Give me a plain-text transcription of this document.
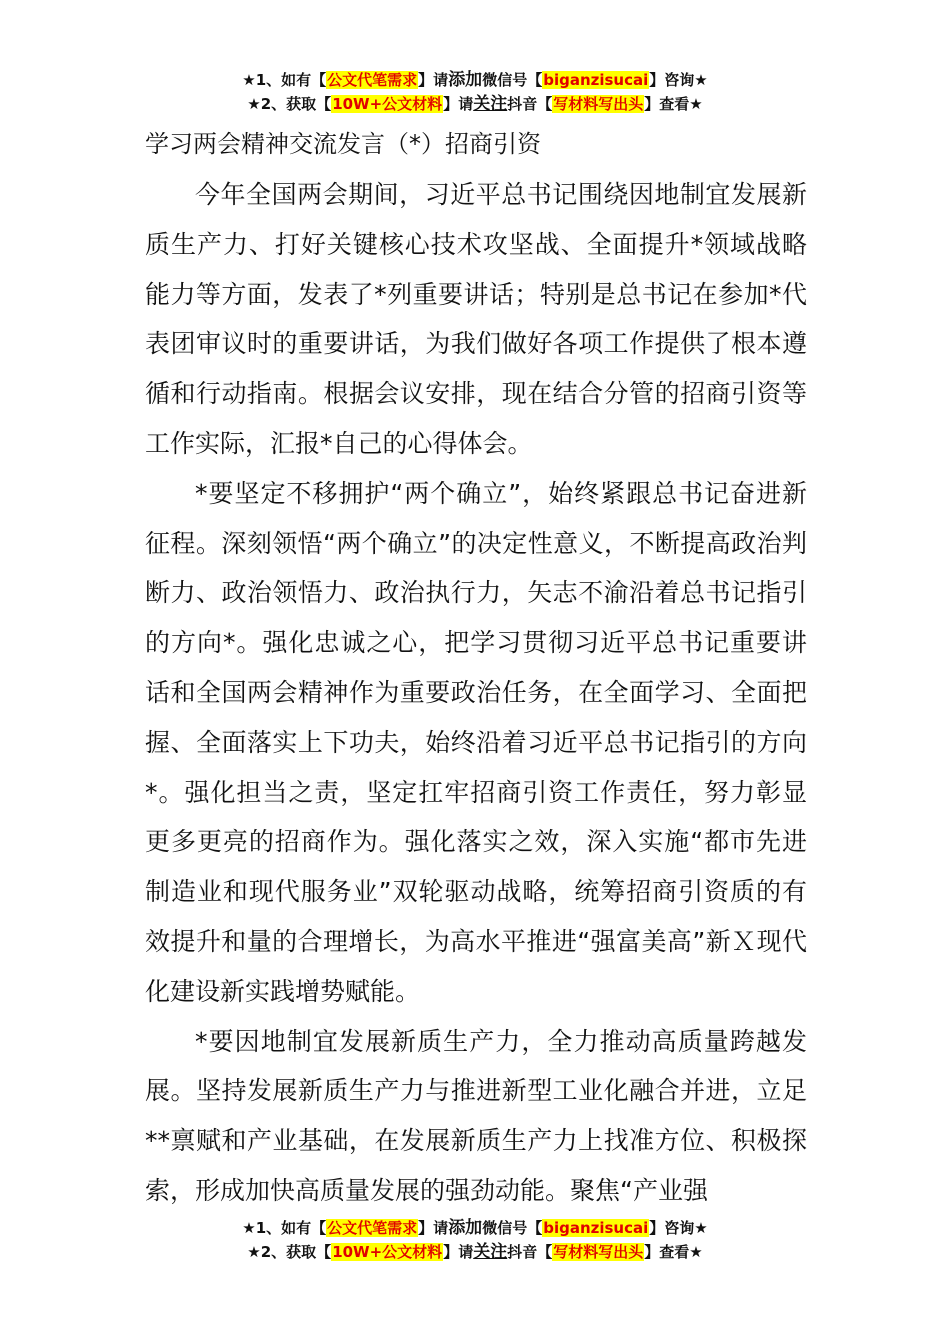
★1、如有【公文代笔需求】请添加微信号【biganzisucai】咨询★
★2、获取【10W+公文材料】请关注抖音【写材料写出头】查看★
学习两会精神交流发言（*）招商引资

今年全国两会期间，习近平总书记围绕因地制宜发展新质生产力、打好关键核心技术攻坚战、全面提升*领域战略能力等方面，发表了*列重要讲话；特别是总书记在参加*代表团审议时的重要讲话，为我们做好各项工作提供了根本遵循和行动指南。根据会议安排，现在结合分管的招商引资等工作实际，汇报*自己的心得体会。

*要坚定不移拥护“两个确立”，始终紧跟总书记奋进新征程。深刻领悟“两个确立”的决定性意义，不断提高政治判断力、政治领悟力、政治执行力，矢志不渝沿着总书记指引的方向*。强化忠诚之心，把学习贯彻习近平总书记重要讲话和全国两会精神作为重要政治任务，在全面学习、全面把握、全面落实上下功夫，始终沿着习近平总书记指引的方向*。强化担当之责，坚定扛牢招商引资工作责任，努力彰显更多更亮的招商作为。强化落实之效，深入实施“都市先进制造业和现代服务业”双轮驱动战略，统筹招商引资质的有效提升和量的合理增长，为高水平推进“强富美高”新Ｘ现代化建设新实践增势赋能。

*要因地制宜发展新质生产力，全力推动高质量跨越发展。坚持发展新质生产力与推进新型工业化融合并进，立足**禀赋和产业基础，在发展新质生产力上找准方位、积极探索，形成加快高质量发展的强劲动能。聚焦“产业强

★1、如有【公文代笔需求】请添加微信号【biganzisucai】咨询★
★2、获取【10W+公文材料】请关注抖音【写材料写出头】查看★
